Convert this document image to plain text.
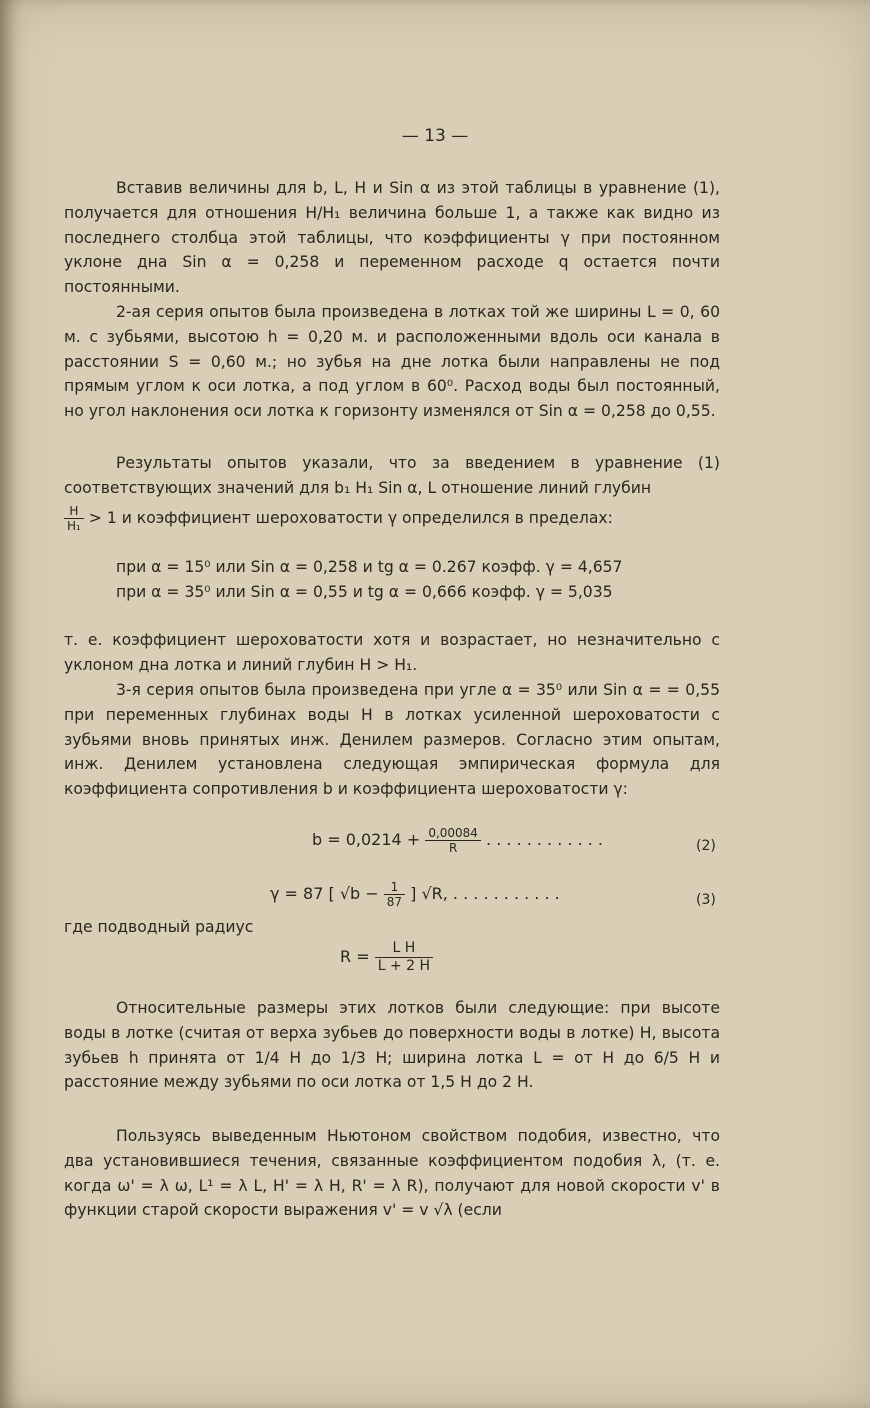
— 13 —
Вставив величины для b, L, H и Sin α из этой таблицы в уравнение (1), получается для отношения H/H₁ величина больше 1, а также как видно из последнего столбца этой таблицы, что коэффициенты γ при постоянном уклоне дна Sin α = 0,258 и переменном расходе q остается почти постоянными.
2-ая серия опытов была произведена в лотках той же ширины L = 0, 60 м. с зубьями, высотою h = 0,20 м. и расположенными вдоль оси канала в расстоянии S = 0,60 м.; но зубья на дне лотка были направлены не под прямым углом к оси лотка, а под углом в 60⁰. Расход воды был постоянный, но угол наклонения оси лотка к горизонту изменялся от Sin α = 0,258 до 0,55.
Результаты опытов указали, что за введением в уравнение (1) соответствующих значений для b₁ H₁ Sin α, L отношение линий глубин
$\frac{H}{\text{H₁}} > 1$ и коэффициент шероховатости γ определился в пределах:
при α = 15⁰ или Sin α = 0,258 и tg α = 0.267 коэфф. γ = 4,657
при α = 35⁰ или Sin α = 0,55 и tg α = 0,666 коэфф. γ = 5,035
т. е. коэффициент шероховатости хотя и возрастает, но незначительно с уклоном дна лотка и линий глубин H > H₁.
3-я серия опытов была произведена при угле α = 35⁰ или Sin α = = 0,55 при переменных глубинах воды H в лотках усиленной шероховатости с зубьями вновь принятых инж. Денилем размеров. Согласно этим опытам, инж. Денилем установлена следующая эмпирическая формула для коэффициента сопротивления b и коэффициента шероховатости γ:
$b = 0,0214 + \frac{0,00084}{R}$ . . . . . . . . . . . .	(2)
γ = 87 [ $√b - \frac{1}{87}$ ] √R, . . . . . . . . . . .	(3)
где подводный радиус
$R = \frac{\text{L H}}{L + 2 H}$
Относительные размеры этих лотков были следующие: при высоте воды в лотке (считая от верха зубьев до поверхности воды в лотке) H, высота зубьев h принята от 1/4 H до 1/3 H; ширина лотка L = от H до 6/5 H и расстояние между зубьями по оси лотка от 1,5 H до 2 H.
Пользуясь выведенным Ньютоном свойством подобия, известно, что два установившиеся течения, связанные коэффициентом подобия λ, (т. е. когда ω' = λ ω, L¹ = λ L, H' = λ H, R' = λ R), получают для новой скорости v' в функции старой скорости выражения v' = v √λ (если
